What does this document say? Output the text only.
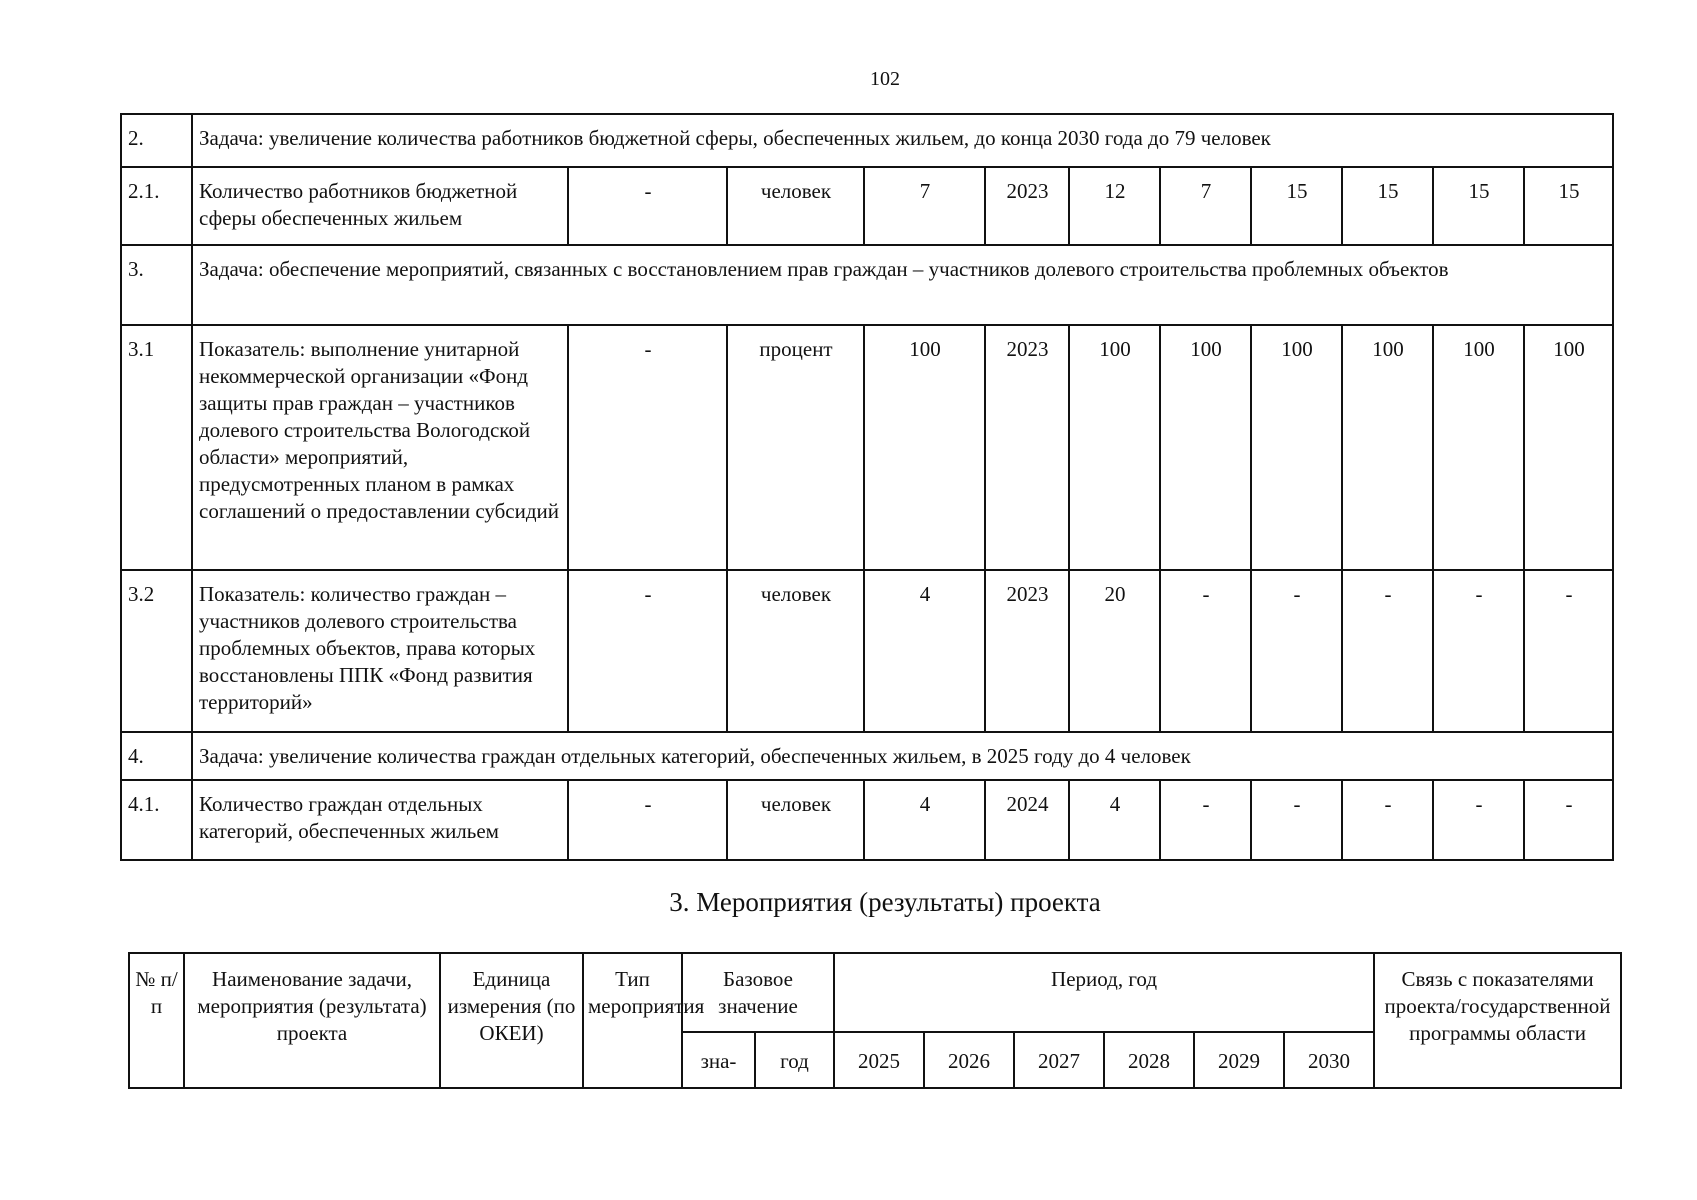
102
2.	Задача: увеличение количества работников бюджетной сферы, обеспеченных жильем, до конца 2030 года до 79 человек										
2.1.	Количество работников бюджетной сферы обеспеченных жильем	-	человек	7	2023	12	7	15	15	15	15
3.	Задача: обеспечение мероприятий, связанных с восстановлением прав граждан – участников долевого строительства проблемных объектов										
3.1	Показатель: выполнение унитарной некоммерческой организации «Фонд защиты прав граждан – участников долевого строительства Вологодской области» мероприятий, предусмотренных планом в рамках соглашений о предоставлении субсидий	-	процент	100	2023	100	100	100	100	100	100
3.2	Показатель: количество граждан – участников долевого строительства проблемных объектов, права которых восстановлены ППК «Фонд развития территорий»	-	человек	4	2023	20	-	-	-	-	-
4.	Задача: увеличение количества граждан отдельных категорий, обеспеченных жильем, в 2025 году до 4 человек										
4.1.	Количество граждан отдельных категорий, обеспеченных жильем	-	человек	4	2024	4	-	-	-	-	-
3. Мероприятия (результаты) проекта
№ п/п	Наименование задачи, мероприятия (результата) проекта	Единица измерения (по ОКЕИ)	Тип мероприятия	Базовое значение		Период, год						Связь с показателями проекта/государственной программы области
				зна-	год	2025	2026	2027	2028	2029	2030	
